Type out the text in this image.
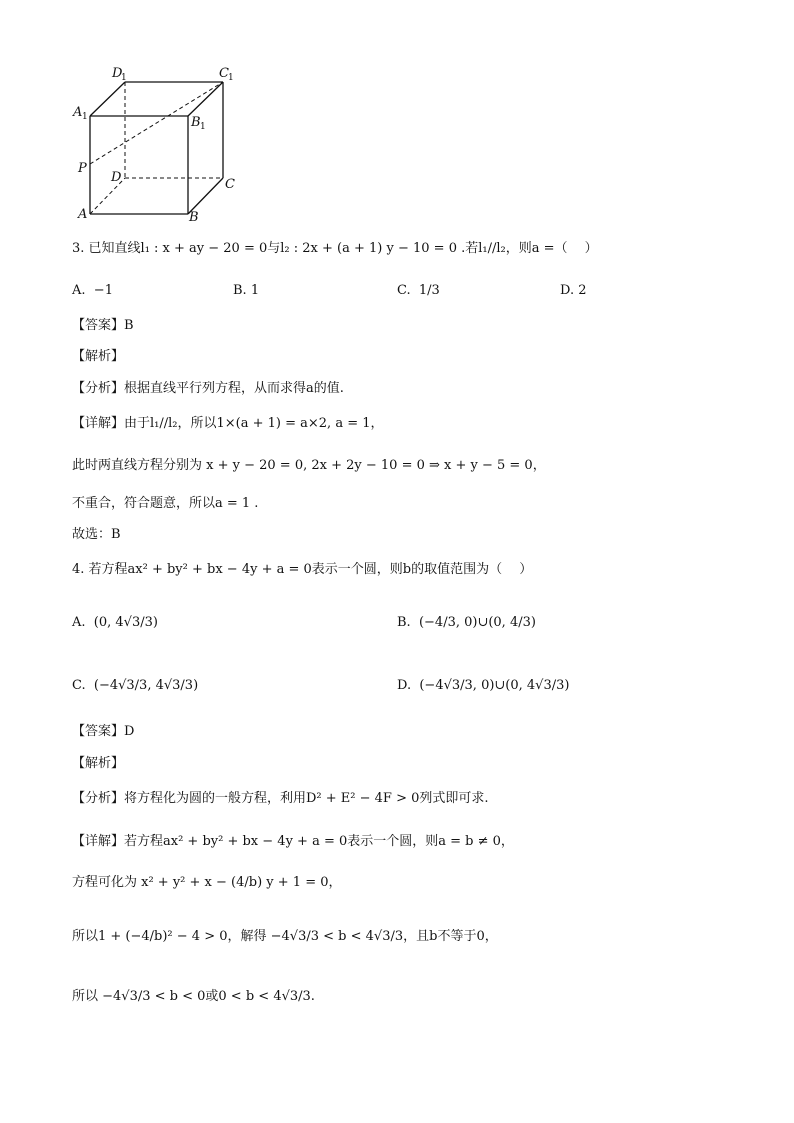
D
1	C 1
A 1	B 1
P
D	C
A	B
3. 已知直线l₁ : x + ay − 20 = 0与l₂ : 2x + (a + 1) y − 10 = 0 .若l₁//l₂，则a =（　 ）
A. −1	B. 1	C. 1/3	D. 2
【答案】B
【解析】
【分析】根据直线平行列方程，从而求得a的值.
【详解】由于l₁//l₂，所以1×(a + 1) = a×2, a = 1，
此时两直线方程分别为 x + y − 20 = 0, 2x + 2y − 10 = 0 ⇒ x + y − 5 = 0，
不重合，符合题意，所以a = 1 .
故选：B
4. 若方程ax² + by² + bx − 4y + a = 0表示一个圆，则b的取值范围为（　 ）
A. (0, 4√3/3)	B. (−4/3, 0)∪(0, 4/3)
C. (−4√3/3, 4√3/3)	D. (−4√3/3, 0)∪(0, 4√3/3)
【答案】D
【解析】
【分析】将方程化为圆的一般方程，利用D² + E² − 4F > 0列式即可求.
【详解】若方程ax² + by² + bx − 4y + a = 0表示一个圆，则a = b ≠ 0，
方程可化为 x² + y² + x − (4/b) y + 1 = 0，
所以1 + (−4/b)² − 4 > 0，解得 −4√3/3 < b < 4√3/3，且b不等于0，
所以 −4√3/3 < b < 0或0 < b < 4√3/3.
